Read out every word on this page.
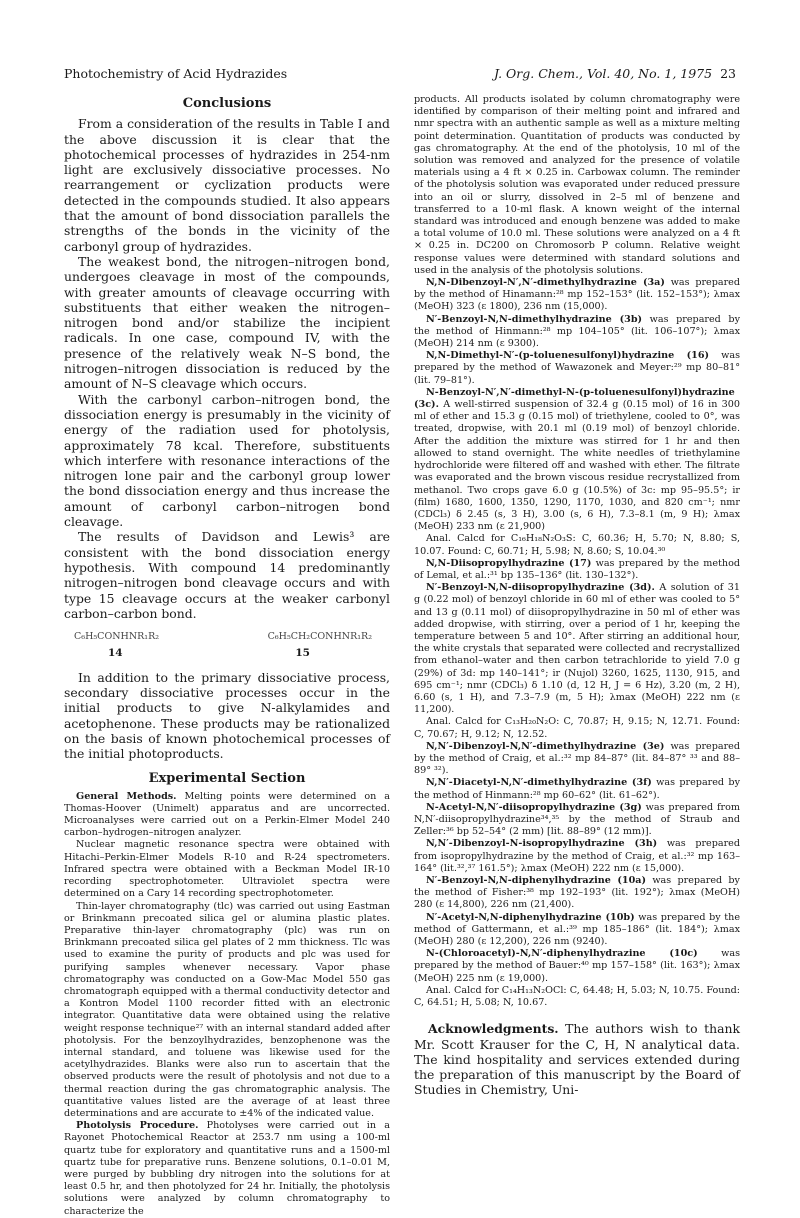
Photochemistry of Acid Hydrazides	J. Org. Chem., Vol. 40, No. 1, 1975 23
Conclusions

From a consideration of the results in Table I and the above discussion it is clear that the photochemical processes of hydrazides in 254-nm light are exclusively dissociative processes. No rearrangement or cyclization products were detected in the compounds studied. It also appears that the amount of bond dissociation parallels the strengths of the bonds in the vicinity of the carbonyl group of hydrazides.

The weakest bond, the nitrogen–nitrogen bond, undergoes cleavage in most of the compounds, with greater amounts of cleavage occurring with substituents that either weaken the nitrogen–nitrogen bond and/or stabilize the incipient radicals. In one case, compound IV, with the presence of the relatively weak N–S bond, the nitrogen–nitrogen dissociation is reduced by the amount of N–S cleavage which occurs.

With the carbonyl carbon–nitrogen bond, the dissociation energy is presumably in the vicinity of energy of the radiation used for photolysis, approximately 78 kcal. Therefore, substituents which interfere with resonance interactions of the nitrogen lone pair and the carbonyl group lower the bond dissociation energy and thus increase the amount of carbonyl carbon–nitrogen bond cleavage.

The results of Davidson and Lewis³ are consistent with the bond dissociation energy hypothesis. With compound 14 predominantly nitrogen–nitrogen bond cleavage occurs and with type 15 cleavage occurs at the weaker carbonyl carbon–carbon bond.

C₆H₅CONHNR₁R₂	C₆H₅CH₂CONHNR₁R₂
14	15

In addition to the primary dissociative process, secondary dissociative processes occur in the initial products to give N-alkylamides and acetophenone. These products may be rationalized on the basis of known photochemical processes of the initial photoproducts.

Experimental Section

General Methods. Melting points were determined on a Thomas-Hoover (Unimelt) apparatus and are uncorrected. Microanalyses were carried out on a Perkin-Elmer Model 240 carbon–hydrogen–nitrogen analyzer.

Nuclear magnetic resonance spectra were obtained with Hitachi–Perkin-Elmer Models R-10 and R-24 spectrometers. Infrared spectra were obtained with a Beckman Model IR-10 recording spectrophotometer. Ultraviolet spectra were determined on a Cary 14 recording spectrophotometer.

Thin-layer chromatography (tlc) was carried out using Eastman or Brinkmann precoated silica gel or alumina plastic plates. Preparative thin-layer chromatography (plc) was run on Brinkmann precoated silica gel plates of 2 mm thickness. Tlc was used to examine the purity of products and plc was used for purifying samples whenever necessary. Vapor phase chromatography was conducted on a Gow-Mac Model 550 gas chromatograph equipped with a thermal conductivity detector and a Kontron Model 1100 recorder fitted with an electronic integrator. Quantitative data were obtained using the relative weight response technique²⁷ with an internal standard added after photolysis. For the benzoylhydrazides, benzophenone was the internal standard, and toluene was likewise used for the acetylhydrazides. Blanks were also run to ascertain that the observed products were the result of photolysis and not due to a thermal reaction during the gas chromatographic analysis. The quantitative values listed are the average of at least three determinations and are accurate to ±4% of the indicated value.

Photolysis Procedure. Photolyses were carried out in a Rayonet Photochemical Reactor at 253.7 nm using a 100-ml quartz tube for exploratory and quantitative runs and a 1500-ml quartz tube for preparative runs. Benzene solutions, 0.1–0.01 M, were purged by bubbling dry nitrogen into the solutions for at least 0.5 hr, and then photolyzed for 24 hr. Initially, the photolysis solutions were analyzed by column chromatography to characterize the

products. All products isolated by column chromatography were identified by comparison of their melting point and infrared and nmr spectra with an authentic sample as well as a mixture melting point determination. Quantitation of products was conducted by gas chromatography. At the end of the photolysis, 10 ml of the solution was removed and analyzed for the presence of volatile materials using a 4 ft × 0.25 in. Carbowax column. The reminder of the photolysis solution was evaporated under reduced pressure into an oil or slurry, dissolved in 2–5 ml of benzene and transferred to a 10-ml flask. A known weight of the internal standard was introduced and enough benzene was added to make a total volume of 10.0 ml. These solutions were analyzed on a 4 ft × 0.25 in. DC200 on Chromosorb P column. Relative weight response values were determined with standard solutions and used in the analysis of the photolysis solutions.

N,N-Dibenzoyl-N′,N′-dimethylhydrazine (3a) was prepared by the method of Hinamann:²⁸ mp 152–153° (lit. 152–153°); λmax (MeOH) 323 (ε 1800), 236 nm (15,000).

N′-Benzoyl-N,N-dimethylhydrazine (3b) was prepared by the method of Hinmann:²⁸ mp 104–105° (lit. 106–107°); λmax (MeOH) 214 nm (ε 9300).

N,N-Dimethyl-N′-(p-toluenesulfonyl)hydrazine (16) was prepared by the method of Wawazonek and Meyer:²⁹ mp 80–81° (lit. 79–81°).

N-Benzoyl-N′,N′-dimethyl-N-(p-toluenesulfonyl)hydrazine (3c). A well-stirred suspension of 32.4 g (0.15 mol) of 16 in 300 ml of ether and 15.3 g (0.15 mol) of triethylene, cooled to 0°, was treated, dropwise, with 20.1 ml (0.19 mol) of benzoyl chloride. After the addition the mixture was stirred for 1 hr and then allowed to stand overnight. The white needles of triethylamine hydrochloride were filtered off and washed with ether. The filtrate was evaporated and the brown viscous residue recrystallized from methanol. Two crops gave 6.0 g (10.5%) of 3c: mp 95–95.5°; ir (film) 1680, 1600, 1350, 1290, 1170, 1030, and 820 cm⁻¹; nmr (CDCl₃) δ 2.45 (s, 3 H), 3.00 (s, 6 H), 7.3–8.1 (m, 9 H); λmax (MeOH) 233 nm (ε 21,900)

Anal. Calcd for C₁₆H₁₈N₂O₃S: C, 60.36; H, 5.70; N, 8.80; S, 10.07. Found: C, 60.71; H, 5.98; N, 8.60; S, 10.04.³⁰

N,N-Diisopropylhydrazine (17) was prepared by the method of Lemal, et al.:³¹ bp 135–136° (lit. 130–132°).

N′-Benzoyl-N,N-diisopropylhydrazine (3d). A solution of 31 g (0.22 mol) of benzoyl chloride in 60 ml of ether was cooled to 5° and 13 g (0.11 mol) of diisopropylhydrazine in 50 ml of ether was added dropwise, with stirring, over a period of 1 hr, keeping the temperature between 5 and 10°. After stirring an additional hour, the white crystals that separated were collected and recrystallized from ethanol–water and then carbon tetrachloride to yield 7.0 g (29%) of 3d: mp 140–141°; ir (Nujol) 3260, 1625, 1130, 915, and 695 cm⁻¹; nmr (CDCl₃) δ 1.10 (d, 12 H, J = 6 Hz), 3.20 (m, 2 H), 6.60 (s, 1 H), and 7.3–7.9 (m, 5 H); λmax (MeOH) 222 nm (ε 11,200).

Anal. Calcd for C₁₃H₂₀N₂O: C, 70.87; H, 9.15; N, 12.71. Found: C, 70.67; H, 9.12; N, 12.52.

N,N′-Dibenzoyl-N,N′-dimethylhydrazine (3e) was prepared by the method of Craig, et al.:³² mp 84–87° (lit. 84–87° ³³ and 88–89° ³²).

N,N′-Diacetyl-N,N′-dimethylhydrazine (3f) was prepared by the method of Hinmann:²⁸ mp 60–62° (lit. 61–62°).

N-Acetyl-N,N′-diisopropylhydrazine (3g) was prepared from N,N′-diisopropylhydrazine³⁴,³⁵ by the method of Straub and Zeller:³⁶ bp 52–54° (2 mm) [lit. 88–89° (12 mm)].

N,N′-Dibenzoyl-N-isopropylhydrazine (3h) was prepared from isopropylhydrazine by the method of Craig, et al.:³² mp 163–164° (lit.³²,³⁷ 161.5°); λmax (MeOH) 222 nm (ε 15,000).

N′-Benzoyl-N,N-diphenylhydrazine (10a) was prepared by the method of Fisher:³⁸ mp 192–193° (lit. 192°); λmax (MeOH) 280 (ε 14,800), 226 nm (21,400).

N′-Acetyl-N,N-diphenylhydrazine (10b) was prepared by the method of Gattermann, et al.:³⁹ mp 185–186° (lit. 184°); λmax (MeOH) 280 (ε 12,200), 226 nm (9240).

N-(Chloroacetyl)-N,N′-diphenylhydrazine (10c) was prepared by the method of Bauer:⁴⁰ mp 157–158° (lit. 163°); λmax (MeOH) 225 nm (ε 19,000).

Anal. Calcd for C₁₄H₁₃N₂OCl: C, 64.48; H, 5.03; N, 10.75. Found: C, 64.51; H, 5.08; N, 10.67.

Acknowledgments. The authors wish to thank Mr. Scott Krauser for the C, H, N analytical data. The kind hospitality and services extended during the preparation of this manuscript by the Board of Studies in Chemistry, Uni-
